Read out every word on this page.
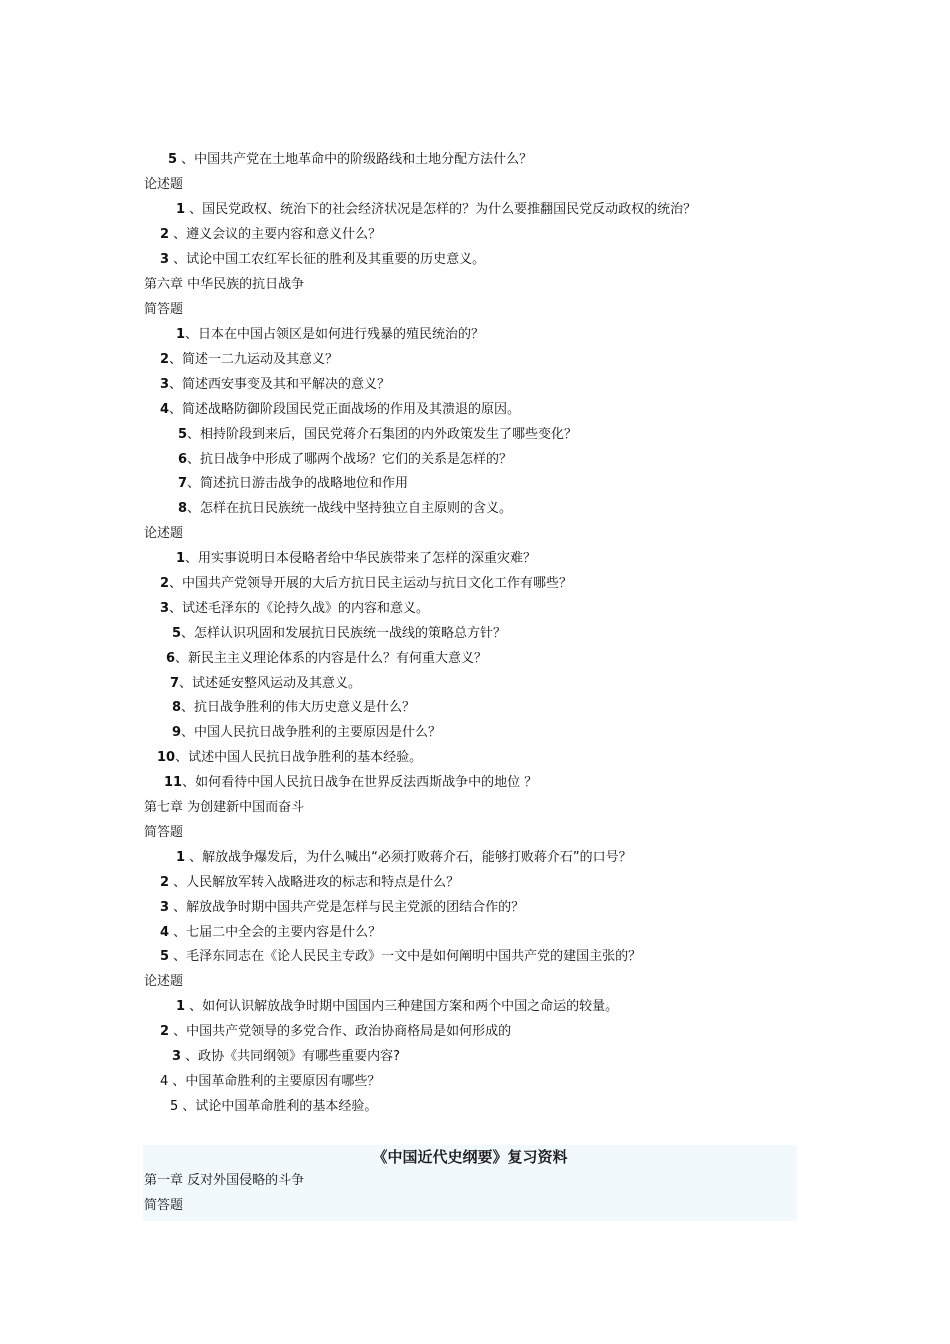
5 、中国共产党在土地革命中的阶级路线和土地分配方法什么？
论述题
1 、国民党政权、统治下的社会经济状况是怎样的？为什么要推翻国民党反动政权的统治？
2 、遵义会议的主要内容和意义什么？
3 、试论中国工农红军长征的胜利及其重要的历史意义。
第六章 中华民族的抗日战争
简答题
1、日本在中国占领区是如何进行残暴的殖民统治的？
2、简述一二九运动及其意义？
3、简述西安事变及其和平解决的意义？
4、简述战略防御阶段国民党正面战场的作用及其溃退的原因。
5、相持阶段到来后，国民党蒋介石集团的内外政策发生了哪些变化？
6、抗日战争中形成了哪两个战场？它们的关系是怎样的？
7、简述抗日游击战争的战略地位和作用
8、怎样在抗日民族统一战线中坚持独立自主原则的含义。
论述题
1、用实事说明日本侵略者给中华民族带来了怎样的深重灾难？
2、中国共产党领导开展的大后方抗日民主运动与抗日文化工作有哪些？
3、试述毛泽东的《论持久战》的内容和意义。
5、怎样认识巩固和发展抗日民族统一战线的策略总方针？
6、新民主主义理论体系的内容是什么？有何重大意义？
7、试述延安整风运动及其意义。
8、抗日战争胜利的伟大历史意义是什么？
9、中国人民抗日战争胜利的主要原因是什么？
10、试述中国人民抗日战争胜利的基本经验。
11、如何看待中国人民抗日战争在世界反法西斯战争中的地位 ？
第七章 为创建新中国而奋斗
简答题
1 、解放战争爆发后，为什么喊出“必须打败蒋介石，能够打败蒋介石”的口号？
2 、人民解放军转入战略进攻的标志和特点是什么？
3 、解放战争时期中国共产党是怎样与民主党派的团结合作的？
4 、七届二中全会的主要内容是什么？
5 、毛泽东同志在《论人民民主专政》一文中是如何阐明中国共产党的建国主张的？
论述题
1 、如何认识解放战争时期中国国内三种建国方案和两个中国之命运的较量。
2 、中国共产党领导的多党合作、政治协商格局是如何形成的
3 、政协《共同纲领》有哪些重要内容?
4 、中国革命胜利的主要原因有哪些？
5 、试论中国革命胜利的基本经验。
《中国近代史纲要》复习资料
第一章 反对外国侵略的斗争
简答题
